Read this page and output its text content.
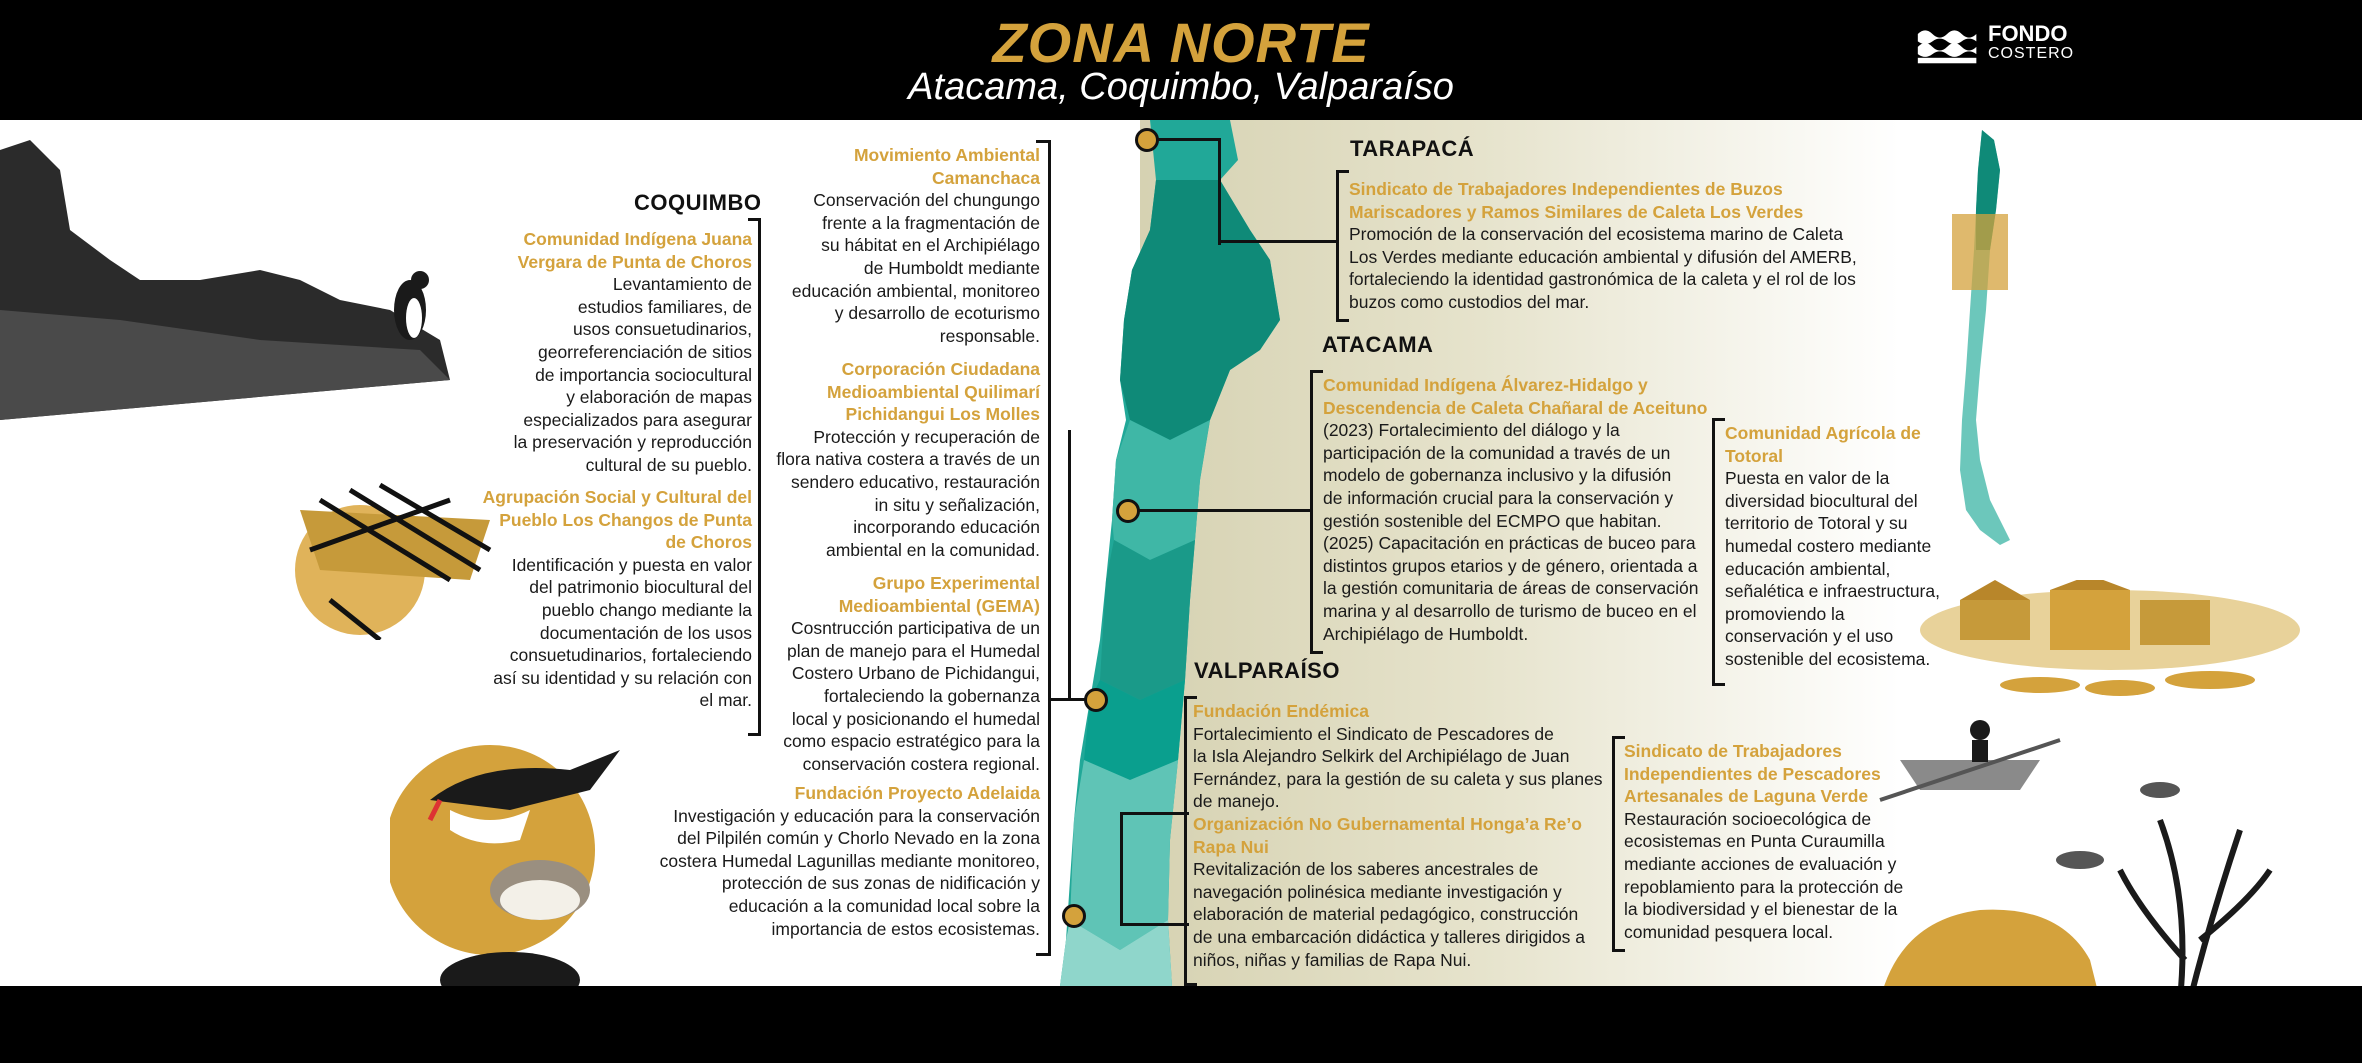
ZONA NORTE
Atacama, Coquimbo, Valparaíso
FONDO
COSTERO
COQUIMBO
TARAPACÁ
ATACAMA
VALPARAÍSO
Comunidad Indígena Juana
Vergara de Punta de Choros
Levantamiento de
estudios familiares, de
usos consuetudinarios,
georreferenciación de sitios
de importancia sociocultural
y elaboración de mapas
especializados para asegurar
la preservación y reproducción
cultural de su pueblo.
Agrupación Social y Cultural del
Pueblo Los Changos de Punta
de Choros
Identificación y puesta en valor
del patrimonio biocultural del
pueblo chango mediante la
documentación de los usos
consuetudinarios, fortaleciendo
así su identidad y su relación con
el mar.
Movimiento Ambiental
Camanchaca
Conservación del chungungo
frente a la fragmentación de
su hábitat en el Archipiélago
de Humboldt mediante
educación ambiental, monitoreo
y desarrollo de ecoturismo
responsable.
Corporación Ciudadana
Medioambiental Quilimarí
Pichidangui Los Molles
Protección y recuperación de
flora nativa costera a través de un
sendero educativo, restauración
in situ y señalización,
incorporando educación
ambiental en la comunidad.
Grupo Experimental
Medioambiental (GEMA)
Cosntrucción participativa de un
plan de manejo para el Humedal
Costero Urbano de Pichidangui,
fortaleciendo la gobernanza
local y posicionando el humedal
como espacio estratégico para la
conservación costera regional.
Fundación Proyecto Adelaida
Investigación y educación para la conservación
del Pilpilén común y Chorlo Nevado en la zona
costera Humedal Lagunillas mediante monitoreo,
protección de sus zonas de nidificación y
educación a la comunidad local sobre la
importancia de estos ecosistemas.
Sindicato de Trabajadores Independientes de Buzos
Mariscadores y Ramos Similares de Caleta Los Verdes
Promoción de la conservación del ecosistema marino de Caleta
Los Verdes mediante educación ambiental y difusión del AMERB,
fortaleciendo la identidad gastronómica de la caleta y el rol de los
buzos como custodios del mar.
Comunidad Indígena Álvarez-Hidalgo y
Descendencia de Caleta Chañaral de Aceituno
(2023) Fortalecimiento del diálogo y la
participación de la comunidad a través de un
modelo de gobernanza inclusivo y la difusión
de información crucial para la conservación y
gestión sostenible del ECMPO que habitan.
(2025) Capacitación en prácticas de buceo para
distintos grupos etarios y de género, orientada a
la gestión comunitaria de áreas de conservación
marina y al desarrollo de turismo de buceo en el
Archipiélago de Humboldt.
Comunidad Agrícola de
Totoral
Puesta en valor de la
diversidad biocultural del
territorio de Totoral y su
humedal costero mediante
educación ambiental,
señalética e infraestructura,
promoviendo la
conservación y el uso
sostenible del ecosistema.
Fundación Endémica
Fortalecimiento el Sindicato de Pescadores de
la Isla Alejandro Selkirk del Archipiélago de Juan
Fernández, para la gestión de su caleta y sus planes
de manejo.
Organización No Gubernamental Honga’a Re’o
Rapa Nui
Revitalización de los saberes ancestrales de
navegación polinésica mediante investigación y
elaboración de material pedagógico, construcción
de una embarcación didáctica y talleres dirigidos a
niños, niñas y familias de Rapa Nui.
Sindicato de Trabajadores
Independientes de Pescadores
Artesanales de Laguna Verde
Restauración socioecológica de
ecosistemas en Punta Curaumilla
mediante acciones de evaluación y
repoblamiento para la protección de
la biodiversidad y el bienestar de la
comunidad pesquera local.
